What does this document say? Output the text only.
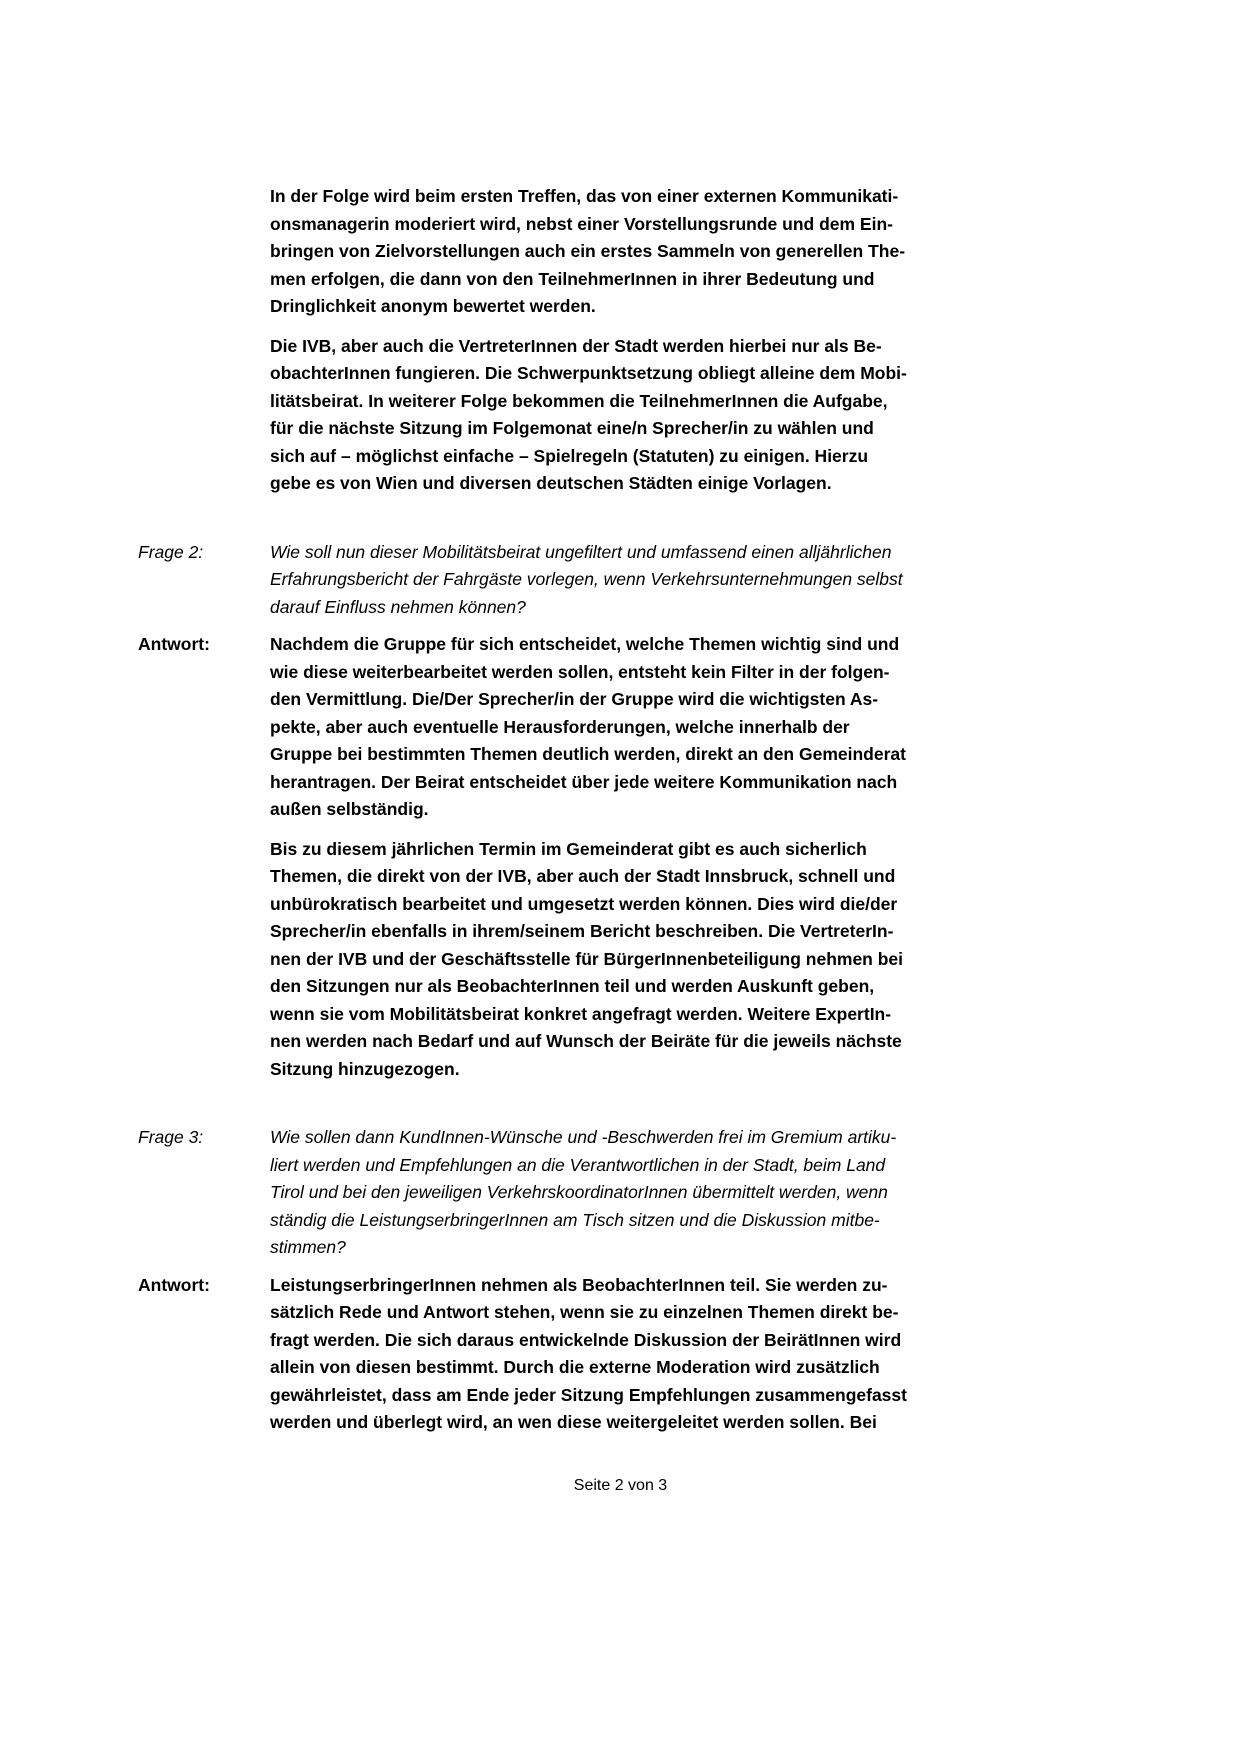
In der Folge wird beim ersten Treffen, das von einer externen Kommunikati-
onsmanagerin moderiert wird, nebst einer Vorstellungsrunde und dem Ein-
bringen von Zielvorstellungen auch ein erstes Sammeln von generellen The-
men erfolgen, die dann von den TeilnehmerInnen in ihrer Bedeutung und
Dringlichkeit anonym bewertet werden.
Die IVB, aber auch die VertreterInnen der Stadt werden hierbei nur als Be-
obachterInnen fungieren. Die Schwerpunktsetzung obliegt alleine dem Mobi-
litätsbeirat. In weiterer Folge bekommen die TeilnehmerInnen die Aufgabe,
für die nächste Sitzung im Folgemonat eine/n Sprecher/in zu wählen und
sich auf – möglichst einfache – Spielregeln (Statuten) zu einigen. Hierzu
gebe es von Wien und diversen deutschen Städten einige Vorlagen.
Frage 2:	Wie soll nun dieser Mobilitätsbeirat ungefiltert und umfassend einen alljährlichen
Erfahrungsbericht der Fahrgäste vorlegen, wenn Verkehrsunternehmungen selbst
darauf Einfluss nehmen können?
Antwort:	Nachdem die Gruppe für sich entscheidet, welche Themen wichtig sind und
wie diese weiterbearbeitet werden sollen, entsteht kein Filter in der folgen-
den Vermittlung. Die/Der Sprecher/in der Gruppe wird die wichtigsten As-
pekte, aber auch eventuelle Herausforderungen, welche innerhalb der
Gruppe bei bestimmten Themen deutlich werden, direkt an den Gemeinderat
herantragen. Der Beirat entscheidet über jede weitere Kommunikation nach
außen selbständig.
Bis zu diesem jährlichen Termin im Gemeinderat gibt es auch sicherlich
Themen, die direkt von der IVB, aber auch der Stadt Innsbruck, schnell und
unbürokratisch bearbeitet und umgesetzt werden können. Dies wird die/der
Sprecher/in ebenfalls in ihrem/seinem Bericht beschreiben. Die VertreterIn-
nen der IVB und der Geschäftsstelle für BürgerInnenbeteiligung nehmen bei
den Sitzungen nur als BeobachterInnen teil und werden Auskunft geben,
wenn sie vom Mobilitätsbeirat konkret angefragt werden. Weitere ExpertIn-
nen werden nach Bedarf und auf Wunsch der Beiräte für die jeweils nächste
Sitzung hinzugezogen.
Frage 3:	Wie sollen dann KundInnen-Wünsche und -Beschwerden frei im Gremium artiku-
liert werden und Empfehlungen an die Verantwortlichen in der Stadt, beim Land
Tirol und bei den jeweiligen VerkehrskoordinatorInnen übermittelt werden, wenn
ständig die LeistungserbringerInnen am Tisch sitzen und die Diskussion mitbe-
stimmen?
Antwort:	LeistungserbringerInnen nehmen als BeobachterInnen teil. Sie werden zu-
sätzlich Rede und Antwort stehen, wenn sie zu einzelnen Themen direkt be-
fragt werden. Die sich daraus entwickelnde Diskussion der BeirätInnen wird
allein von diesen bestimmt. Durch die externe Moderation wird zusätzlich
gewährleistet, dass am Ende jeder Sitzung Empfehlungen zusammengefasst
werden und überlegt wird, an wen diese weitergeleitet werden sollen. Bei
Seite 2 von 3
